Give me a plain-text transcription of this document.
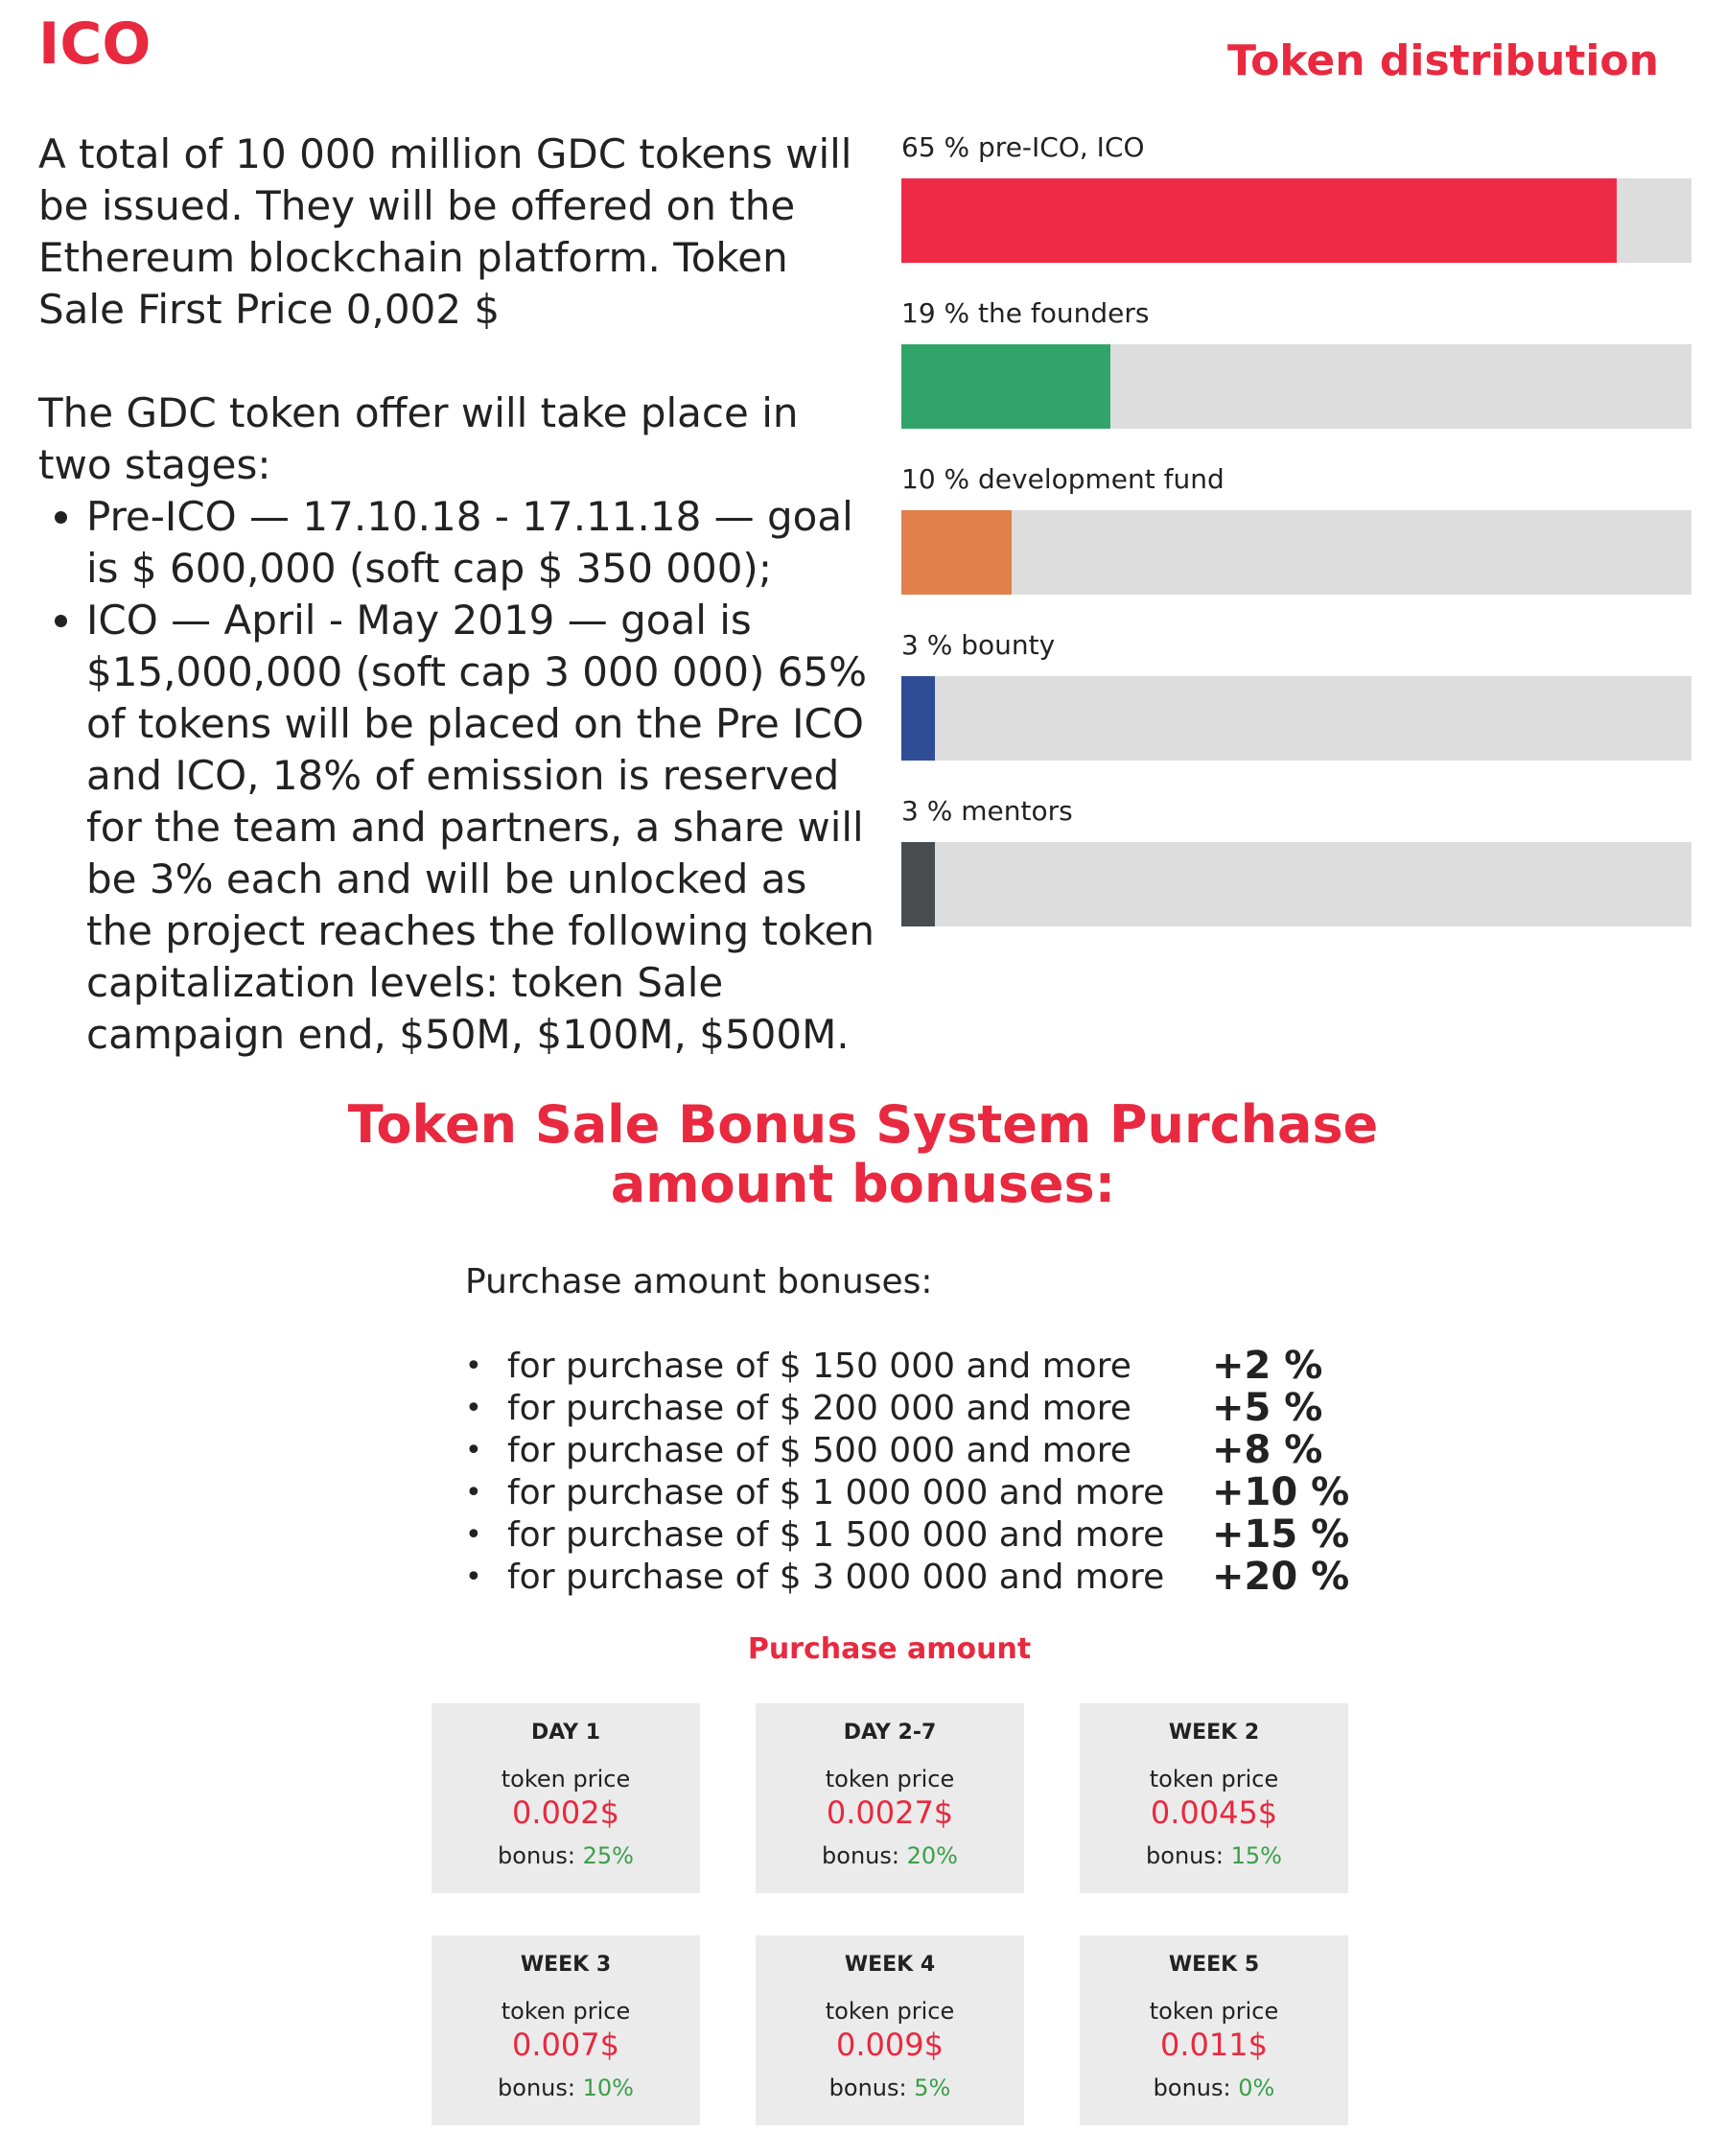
ICO

A total of 10 000 million GDC tokens will be issued. They will be offered on the Ethereum blockchain platform. Token Sale First Price 0,002 $

The GDC token offer will take place in two stages:

• Pre-ICO — 17.10.18 - 17.11.18 — goal is $ 600,000 (soft cap $ 350 000);
• ICO — April - May 2019 — goal is $15,000,000 (soft cap 3 000 000) 65% of tokens will be placed on the Pre ICO and ICO, 18% of emission is reserved for the team and partners, a share will be 3% each and will be unlocked as the project reaches the following token capitalization levels: token Sale campaign end, $50M, $100M, $500M.
Token distribution
65 % pre-ICO, ICO
19 % the founders
10 % development fund
3 % bounty
3 % mentors
Token Sale Bonus System Purchase
amount bonuses:
Purchase amount bonuses:
• for purchase of $ 150 000 and more	+2 %
• for purchase of $ 200 000 and more	+5 %
• for purchase of $ 500 000 and more	+8 %
• for purchase of $ 1 000 000 and more	+10 %
• for purchase of $ 1 500 000 and more	+15 %
• for purchase of $ 3 000 000 and more	+20 %
Purchase amount
DAY 1
token price
0.002$
bonus: 25%
DAY 2-7
token price
0.0027$
bonus: 20%
WEEK 2
token price
0.0045$
bonus: 15%
WEEK 3
token price
0.007$
bonus: 10%
WEEK 4
token price
0.009$
bonus: 5%
WEEK 5
token price
0.011$
bonus: 0%
